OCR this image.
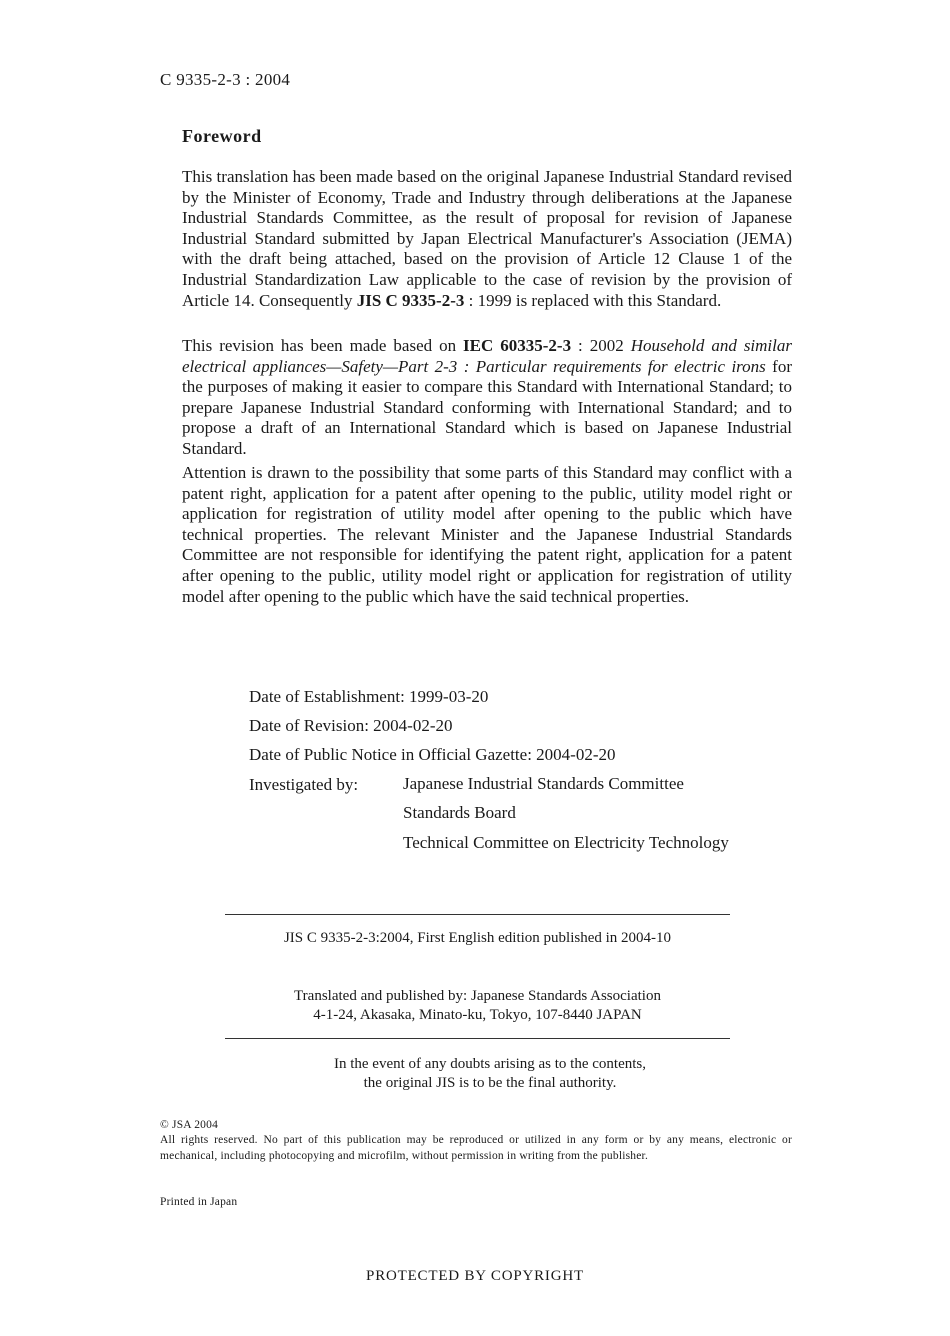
C 9335-2-3 : 2004
Foreword
This translation has been made based on the original Japanese Industrial Standard revised by the Minister of Economy, Trade and Industry through deliberations at the Japanese Industrial Standards Committee, as the result of proposal for revision of Japanese Industrial Standard submitted by Japan Electrical Manufacturer's Association (JEMA) with the draft being attached, based on the provision of Article 12 Clause 1 of the Industrial Standardization Law applicable to the case of revision by the provision of Article 14. Consequently JIS C 9335-2-3 : 1999 is replaced with this Standard.
This revision has been made based on IEC 60335-2-3 : 2002 Household and similar electrical appliances—Safety—Part 2-3 : Particular requirements for electric irons for the purposes of making it easier to compare this Standard with International Standard; to prepare Japanese Industrial Standard conforming with International Standard; and to propose a draft of an International Standard which is based on Japanese Industrial Standard.
Attention is drawn to the possibility that some parts of this Standard may conflict with a patent right, application for a patent after opening to the public, utility model right or application for registration of utility model after opening to the public which have technical properties. The relevant Minister and the Japanese Industrial Standards Committee are not responsible for identifying the patent right, application for a patent after opening to the public, utility model right or application for registration of utility model after opening to the public which have the said technical properties.
Date of Establishment: 1999-03-20
Date of Revision: 2004-02-20
Date of Public Notice in Official Gazette: 2004-02-20
Investigated by:	Japanese Industrial Standards Committee
Standards Board
Technical Committee on Electricity Technology
JIS C 9335-2-3:2004, First English edition published in 2004-10
Translated and published by: Japanese Standards Association
4-1-24, Akasaka, Minato-ku, Tokyo, 107-8440 JAPAN
In the event of any doubts arising as to the contents,
the original JIS is to be the final authority.
© JSA 2004
All rights reserved. No part of this publication may be reproduced or utilized in any form or by any means, electronic or mechanical, including photocopying and microfilm, without permission in writing from the publisher.
Printed in Japan
PROTECTED BY COPYRIGHT
